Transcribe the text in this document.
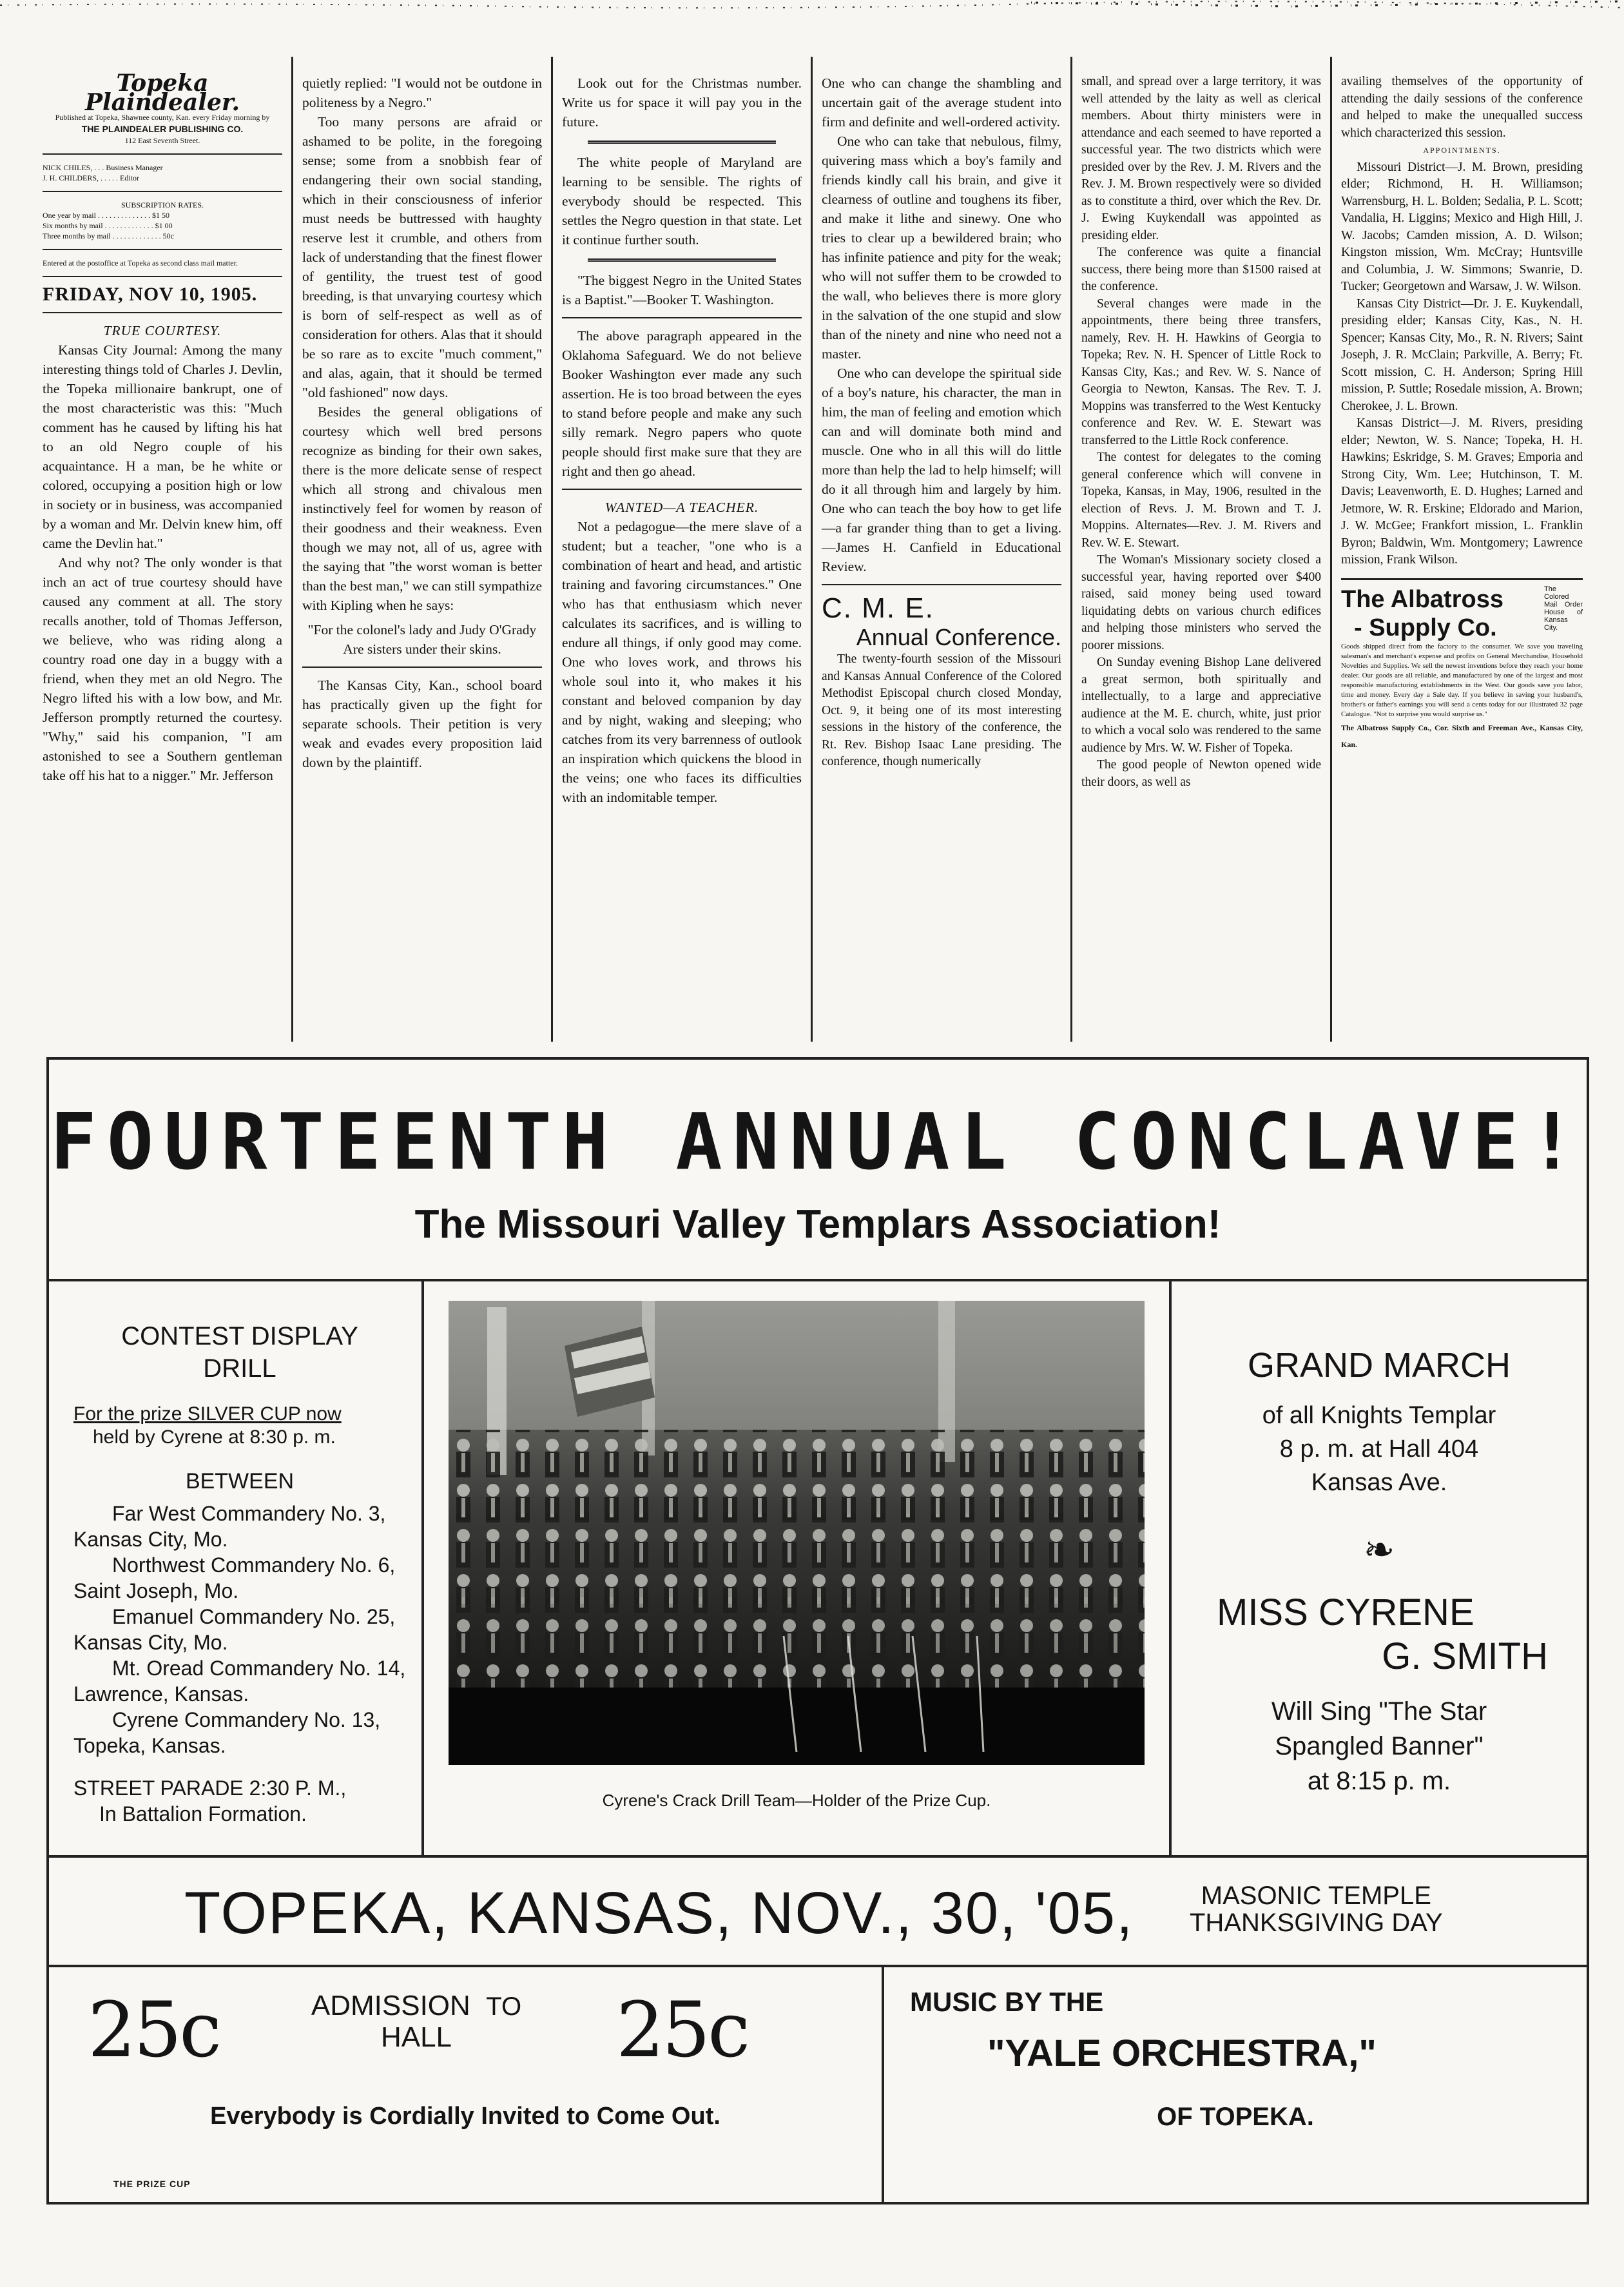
Topeka Plaindealer.

Published at Topeka, Shawnee county, Kan. every Friday morning by

THE PLAINDEALER PUBLISHING CO.

112 East Seventh Street.

NICK CHILES, . . . Business Manager

J. H. CHILDERS, . . . . . Editor

SUBSCRIPTION RATES.

One year by mail . . . . . . . . . . . . . . $1 50

Six months by mail . . . . . . . . . . . . . $1 00

Three months by mail . . . . . . . . . . . . . 50c

Entered at the postoffice at Topeka as second class mail matter.

FRIDAY, NOV 10, 1905.

TRUE COURTESY.

Kansas City Journal: Among the many interesting things told of Charles J. Devlin, the Topeka millionaire bankrupt, one of the most characteristic was this: "Much comment has he caused by lifting his hat to an old Negro couple of his acquaintance. H a man, be he white or colored, occupying a position high or low in society or in business, was accompanied by a woman and Mr. Delvin knew him, off came the Devlin hat."

And why not? The only wonder is that inch an act of true courtesy should have caused any comment at all. The story recalls another, told of Thomas Jefferson, we believe, who was riding along a country road one day in a buggy with a friend, when they met an old Negro. The Negro lifted his with a low bow, and Mr. Jefferson promptly returned the courtesy. "Why," said his companion, "I am astonished to see a Southern gentleman take off his hat to a nigger." Mr. Jefferson

quietly replied: "I would not be outdone in politeness by a Negro."

Too many persons are afraid or ashamed to be polite, in the foregoing sense; some from a snobbish fear of endangering their own social standing, which in their consciousness of inferior must needs be buttressed with haughty reserve lest it crumble, and others from lack of understanding that the finest flower of gentility, the truest test of good breeding, is that unvarying courtesy which is born of self-respect as well as of consideration for others. Alas that it should be so rare as to excite "much comment," and alas, again, that it should be termed "old fashioned" now days.

Besides the general obligations of courtesy which well bred persons recognize as binding for their own sakes, there is the more delicate sense of respect which all strong and chivalous men instinctively feel for women by reason of their goodness and their weakness. Even though we may not, all of us, agree with the saying that "the worst woman is better than the best man," we can still sympathize with Kipling when he says:

"For the colonel's lady and Judy O'Grady

Are sisters under their skins.

The Kansas City, Kan., school board has practically given up the fight for separate schools. Their petition is very weak and evades every proposition laid down by the plaintiff.

Look out for the Christmas number. Write us for space it will pay you in the future.

The white people of Maryland are learning to be sensible. The rights of everybody should be respected. This settles the Negro question in that state. Let it continue further south.

"The biggest Negro in the United States is a Baptist."—Booker T. Washington.

The above paragraph appeared in the Oklahoma Safeguard. We do not believe Booker Washington ever made any such assertion. He is too broad between the eyes to stand before people and make any such silly remark. Negro papers who quote people should first make sure that they are right and then go ahead.

WANTED—A TEACHER.

Not a pedagogue—the mere slave of a student; but a teacher, "one who is a combination of heart and head, and artistic training and favoring circumstances." One who has that enthusiasm which never calculates its sacrifices, and is willing to endure all things, if only good may come. One who loves work, and throws his whole soul into it, who makes it his constant and beloved companion by day and by night, waking and sleeping; who catches from its very barrenness of outlook an inspiration which quickens the blood in the veins; one who faces its difficulties with an indomitable temper.

One who can change the shambling and uncertain gait of the average student into firm and definite and well-ordered activity.

One who can take that nebulous, filmy, quivering mass which a boy's family and friends kindly call his brain, and give it clearness of outline and toughens its fiber, and make it lithe and sinewy. One who tries to clear up a bewildered brain; who has infinite patience and pity for the weak; who will not suffer them to be crowded to the wall, who believes there is more glory in the salvation of the one stupid and slow than of the ninety and nine who need not a master.

One who can develope the spiritual side of a boy's nature, his character, the man in him, the man of feeling and emotion which can and will dominate both mind and muscle. One who in all this will do little more than help the lad to help himself; will do it all through him and largely by him. One who can teach the boy how to get life—a far grander thing than to get a living.—James H. Canfield in Educational Review.

C. M. E.

Annual Conference.

The twenty-fourth session of the Missouri and Kansas Annual Conference of the Colored Methodist Episcopal church closed Monday, Oct. 9, it being one of its most interesting sessions in the history of the conference, the Rt. Rev. Bishop Isaac Lane presiding. The conference, though numerically

small, and spread over a large territory, it was well attended by the laity as well as clerical members. About thirty ministers were in attendance and each seemed to have reported a successful year. The two districts which were presided over by the Rev. J. M. Rivers and the Rev. J. M. Brown respectively were so divided as to constitute a third, over which the Rev. Dr. J. Ewing Kuykendall was appointed as presiding elder.

The conference was quite a financial success, there being more than $1500 raised at the conference.

Several changes were made in the appointments, there being three transfers, namely, Rev. H. H. Hawkins of Georgia to Topeka; Rev. N. H. Spencer of Little Rock to Kansas City, Kas.; and Rev. W. S. Nance of Georgia to Newton, Kansas. The Rev. T. J. Moppins was transferred to the West Kentucky conference and Rev. W. E. Stewart was transferred to the Little Rock conference.

The contest for delegates to the coming general conference which will convene in Topeka, Kansas, in May, 1906, resulted in the election of Revs. J. M. Brown and T. J. Moppins. Alternates—Rev. J. M. Rivers and Rev. W. E. Stewart.

The Woman's Missionary society closed a successful year, having reported over $400 raised, said money being used toward liquidating debts on various church edifices and helping those ministers who served the poorer missions.

On Sunday evening Bishop Lane delivered a great sermon, both spiritually and intellectually, to a large and appreciative audience at the M. E. church, white, just prior to which a vocal solo was rendered to the same audience by Mrs. W. W. Fisher of Topeka.

The good people of Newton opened wide their doors, as well as

availing themselves of the opportunity of attending the daily sessions of the conference and helped to make the unequalled success which characterized this session.

APPOINTMENTS.

Missouri District—J. M. Brown, presiding elder; Richmond, H. H. Williamson; Warrensburg, H. L. Bolden; Sedalia, P. L. Scott; Vandalia, H. Liggins; Mexico and High Hill, J. W. Jacobs; Camden mission, A. D. Wilson; Kingston mission, Wm. McCray; Huntsville and Columbia, J. W. Simmons; Swanrie, D. Tucker; Georgetown and Warsaw, J. W. Wilson.

Kansas City District—Dr. J. E. Kuykendall, presiding elder; Kansas City, Kas., N. H. Spencer; Kansas City, Mo., R. N. Rivers; Saint Joseph, J. R. McClain; Parkville, A. Berry; Ft. Scott mission, C. H. Anderson; Spring Hill mission, P. Suttle; Rosedale mission, A. Brown; Cherokee, J. L. Brown.

Kansas District—J. M. Rivers, presiding elder; Newton, W. S. Nance; Topeka, H. H. Hawkins; Eskridge, S. M. Graves; Emporia and Strong City, Wm. Lee; Hutchinson, T. M. Davis; Leavenworth, E. D. Hughes; Larned and Jetmore, W. R. Erskine; Eldorado and Marion, J. W. McGee; Frankfort mission, L. Franklin Byron; Baldwin, Wm. Montgomery; Lawrence mission, Frank Wilson.

The Albatross

- Supply Co.

The Colored Mail Order House of Kansas City.

Goods shipped direct from the factory to the consumer. We save you traveling salesman's and merchant's expense and profits on General Merchandise, Household Novelties and Supplies. We sell the newest inventions before they reach your home dealer. Our goods are all reliable, and manufactured by one of the largest and most responsible manufacturing establishments in the West. Our goods save you labor, time and money. Every day a Sale day. If you believe in saving your husband's, brother's or father's earnings you will send a cents today for our illustrated 32 page Catalogue. "Not to surprise you would surprise us."

The Albatross Supply Co., Cor. Sixth and Freeman Ave., Kansas City, Kan.

FOURTEENTH ANNUAL CONCLAVE!
The Missouri Valley Templars Association!
CONTEST DISPLAY
DRILL
For the prize SILVER CUP now
held by Cyrene at 8:30 p. m.
BETWEEN
Far West Commandery No. 3,
Kansas City, Mo.
Northwest Commandery No. 6,
Saint Joseph, Mo.
Emanuel Commandery No. 25,
Kansas City, Mo.
Mt. Oread Commandery No. 14,
Lawrence, Kansas.
Cyrene Commandery No. 13,
Topeka, Kansas.
STREET PARADE 2:30 P. M.,
In Battalion Formation.
Cyrene's Crack Drill Team—Holder of the Prize Cup.
GRAND MARCH
of all Knights Templar
8 p. m. at Hall 404
Kansas Ave.
❧
MISS CYRENE
G. SMITH
Will Sing "The Star
Spangled Banner"
at 8:15 p. m.
TOPEKA, KANSAS, NOV., 30, '05,	MASONIC TEMPLE
THANKSGIVING DAY
25c	ADMISSION TO
HALL	25c
Everybody is Cordially Invited to Come Out.
THE PRIZE CUP
MUSIC BY THE
"YALE ORCHESTRA,"
OF TOPEKA.
